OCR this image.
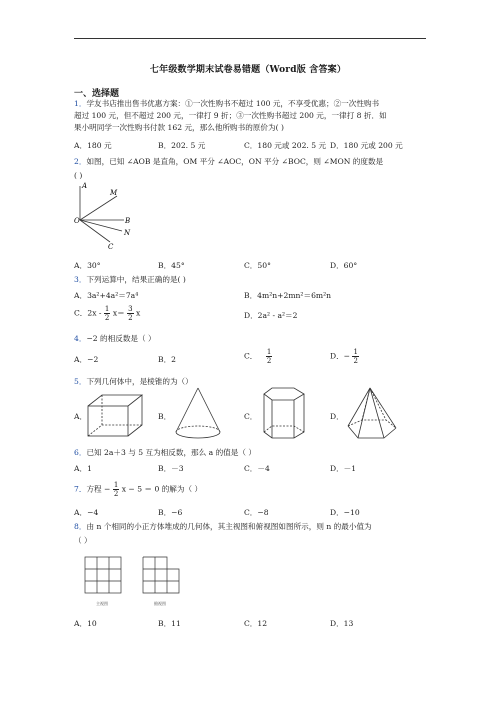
七年级数学期末试卷易错题（Word版 含答案）
一、选择题
1．学友书店推出售书优惠方案：①一次性购书不超过 100 元，不享受优惠；②一次性购书
超过 100 元，但不超过 200 元，一律打 9 折；③一次性购书超过 200 元，一律打 8 折．如
果小明同学一次性购书付款 162 元，那么他所购书的原价为( )
A．180 元	B．202. 5 元	C．180 元或 202. 5 元 D．180 元或 200 元
2．如图，已知 ∠AOB 是直角，OM 平分 ∠AOC，ON 平分 ∠BOC，则 ∠MON 的度数是
( )
O
A
M
B
N
C
A．30°	B．45°	C．50°	D．60°
3．下列运算中，结果正确的是( )
A．3a²+4a²＝7a⁴	B．4m²n+2mn²＝6m²n
C．$2x - \frac{1}{2} x= \frac{3}{2}$ x	D．2a² - a²＝2
4．−2 的相反数是（ ）
A．−2	B．2	C． $\frac{1}{2}$	D．− $\frac{1}{2}$
5．下列几何体中，是棱锥的为（）
A．	B．	C．	D．
6．已知 2a＋3 与 5 互为相反数，那么 a 的值是（ ）
A．1	B．－3	C．－4	D．－1
7．方程 − $\frac{1}{2}$ x − 5 ＝ 0 的解为（ ）
A．−4	B．−6	C．−8	D．−10
8．由 n 个相同的小正方体堆成的几何体，其主视图和俯视图如图所示，则 n 的最小值为
（ ）
主视图	俯视图
A．10	B．11	C．12	D．13
